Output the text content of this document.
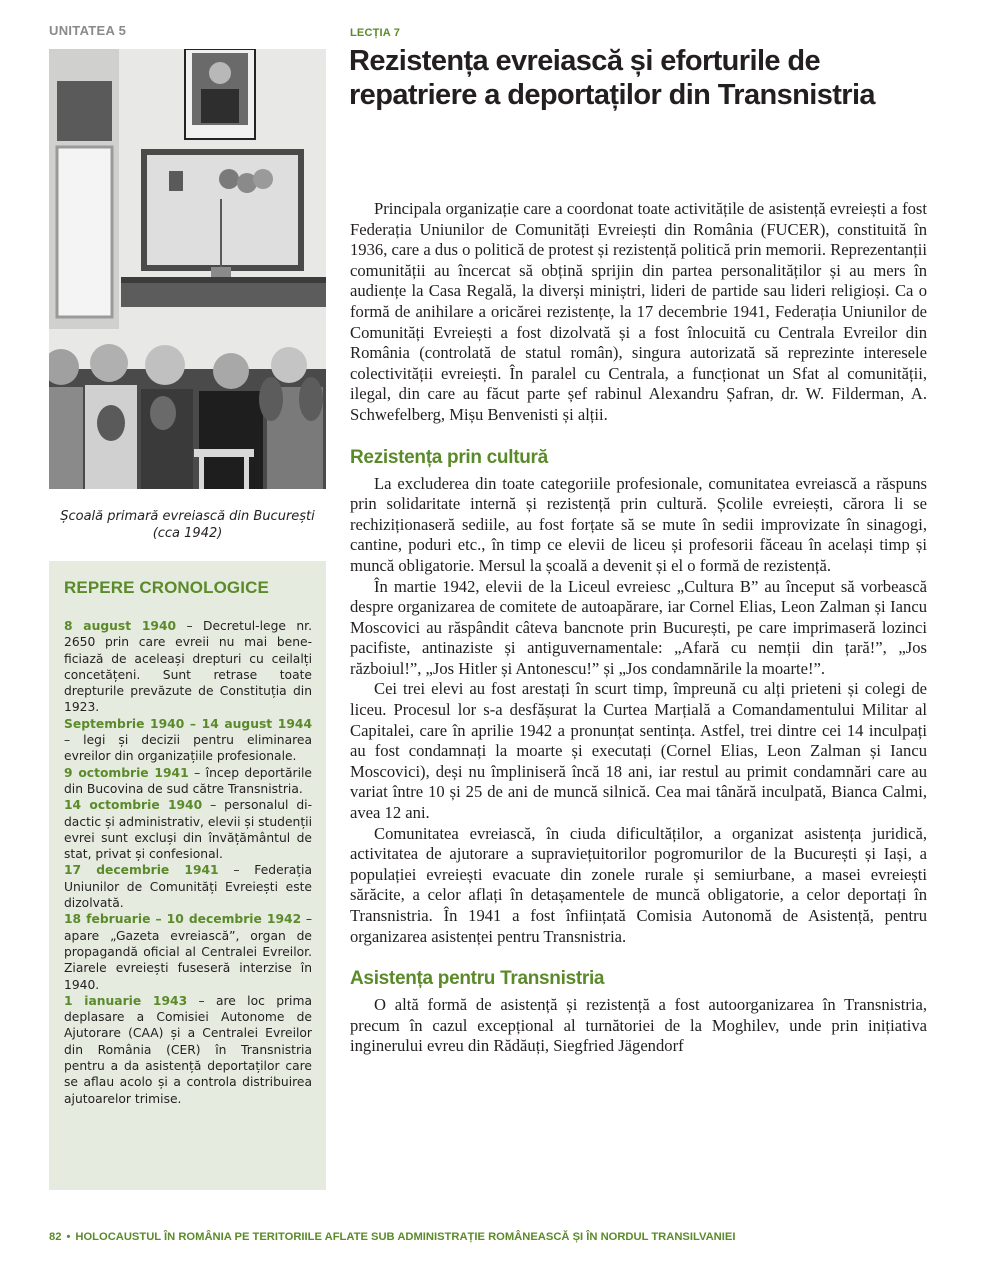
UNITATEA 5	LECȚIA 7
Rezistența evreiască și eforturile de repatriere a deportaților din Transnistria
Școală primară evreiască din București
(cca 1942)
REPERE CRONOLOGICE
8 august 1940 – Decretul-lege nr. 2650 prin care evreii nu mai beneficiază de aceleași drepturi cu ceilalți concetățeni. Sunt retrase toate drepturile prevăzute de Constituția din 1923.
Septembrie 1940 – 14 august 1944 – legi și decizii pentru eliminarea evreilor din organizațiile profesionale.
9 octombrie 1941 – încep deportările din Bucovina de sud către Transnistria.
14 octombrie 1940 – personalul didactic și administrativ, elevii și studenții evrei sunt excluși din învățământul de stat, privat și confesional.
17 decembrie 1941 – Federația Uniunilor de Comunități Evreiești este dizolvată.
18 februarie – 10 decembrie 1942 – apare „Gazeta evreiască”, organ de propagandă oficial al Centralei Evreilor. Ziarele evreiești fuseseră interzise în 1940.
1 ianuarie 1943 – are loc prima deplasare a Comisiei Autonome de Ajutorare (CAA) și a Centralei Evreilor din România (CER) în Transnistria pentru a da asistență deportaților care se aflau acolo și a controla distribuirea ajutoarelor trimise.

Principala organizație care a coordonat toate activitățile de asistență evreiești a fost Federația Uniunilor de Comunități Evreiești din România (FUCER), constituită în 1936, care a dus o politică de protest și rezistență politică prin memorii. Reprezentanții comunității au încercat să obțină sprijin din partea personalităților și au mers în audiențe la Casa Regală, la diverși miniștri, lideri de partide sau lideri religioși. Ca o formă de anihilare a oricărei rezistențe, la 17 decembrie 1941, Federația Uniunilor de Comunități Evreiești a fost dizolvată și a fost înlocuită cu Centrala Evreilor din România (controlată de statul român), singura autorizată să reprezinte interesele colectivității evreiești. În paralel cu Centrala, a funcționat un Sfat al comunității, ilegal, din care au făcut parte șef rabinul Alexandru Șafran, dr. W. Filderman, A. Schwefelberg, Mișu Benvenisti și alții.

Rezistența prin cultură

La excluderea din toate categoriile profesionale, comunitatea evreiască a răspuns prin solidaritate internă și rezistență prin cultură. Școlile evreiești, cărora li se rechiziționaseră sediile, au fost forțate să se mute în sedii improvizate în sinagogi, cantine, poduri etc., în timp ce elevii de liceu și profesorii făceau în același timp și muncă obligatorie. Mersul la școală a devenit și el o formă de rezistență.

În martie 1942, elevii de la Liceul evreiesc „Cultura B” au început să vorbească despre organizarea de comitete de autoapărare, iar Cornel Elias, Leon Zalman și Iancu Moscovici au răspândit câteva bancnote prin București, pe care imprimaseră lozinci pacifiste, antinaziste și antiguvernamentale: „Afară cu nemții din țară!”, „Jos războiul!”, „Jos Hitler și Antonescu!” și „Jos condamnările la moarte!”.

Cei trei elevi au fost arestați în scurt timp, împreună cu alți prieteni și colegi de liceu. Procesul lor s-a desfășurat la Curtea Marțială a Comandamentului Militar al Capitalei, care în aprilie 1942 a pronunțat sentința. Astfel, trei dintre cei 14 inculpați au fost condamnați la moarte și executați (Cornel Elias, Leon Zalman și Iancu Moscovici), deși nu împliniseră încă 18 ani, iar restul au primit condamnări care au variat între 10 și 25 de ani de muncă silnică. Cea mai tânără inculpată, Bianca Calmi, avea 12 ani.

Comunitatea evreiască, în ciuda dificultăților, a organizat asistența juridică, activitatea de ajutorare a supraviețuitorilor pogromurilor de la București și Iași, a populației evreiești evacuate din zonele rurale și semiurbane, a masei evreiești sărăcite, a celor aflați în detașamentele de muncă obligatorie, a celor deportați în Transnistria. În 1941 a fost înființată Comisia Autonomă de Asistență, pentru organizarea asistenței pentru Transnistria.

Asistența pentru Transnistria

O altă formă de asistență și rezistență a fost autoorganizarea în Transnistria, precum în cazul excepțional al turnătoriei de la Moghilev, unde prin inițiativa inginerului evreu din Rădăuți, Siegfried Jägendorf

82 • HOLOCAUSTUL ÎN ROMÂNIA PE TERITORIILE AFLATE SUB ADMINISTRAȚIE ROMÂNEASCĂ ȘI ÎN NORDUL TRANSILVANIEI
